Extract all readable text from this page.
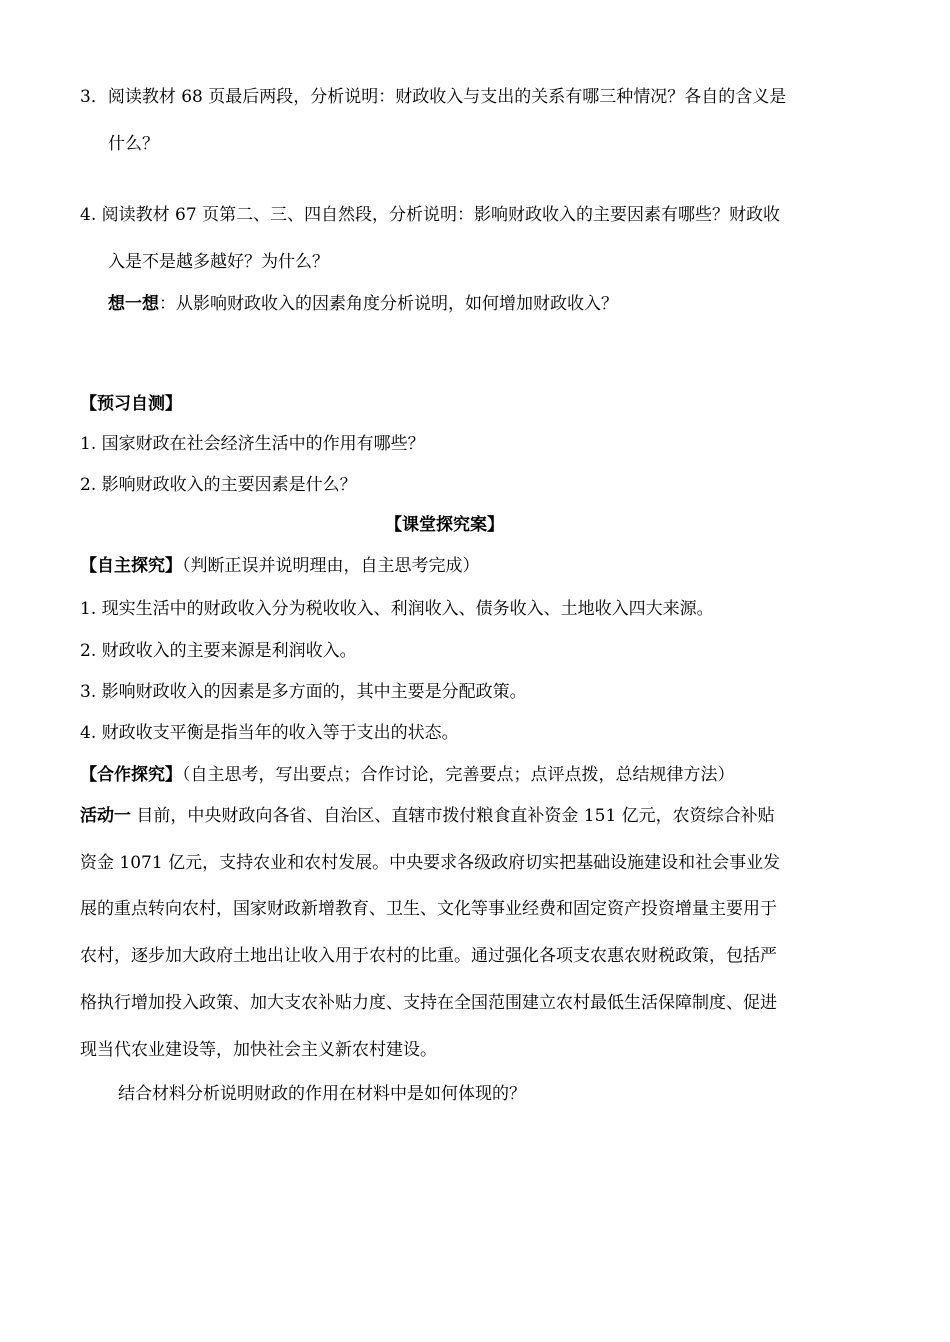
3．阅读教材 68 页最后两段，分析说明：财政收入与支出的关系有哪三种情况？各自的含义是
什么？
4. 阅读教材 67 页第二、三、四自然段，分析说明：影响财政收入的主要因素有哪些？财政收
入是不是越多越好？为什么？
想一想：从影响财政收入的因素角度分析说明，如何增加财政收入？
【预习自测】
1. 国家财政在社会经济生活中的作用有哪些？
2. 影响财政收入的主要因素是什么？
【课堂探究案】
【自主探究】（判断正误并说明理由，自主思考完成）
1. 现实生活中的财政收入分为税收收入、利润收入、债务收入、土地收入四大来源。
2. 财政收入的主要来源是利润收入。
3. 影响财政收入的因素是多方面的，其中主要是分配政策。
4. 财政收支平衡是指当年的收入等于支出的状态。
【合作探究】（自主思考，写出要点；合作讨论，完善要点；点评点拨，总结规律方法）
活动一 目前，中央财政向各省、自治区、直辖市拨付粮食直补资金 151 亿元，农资综合补贴
资金 1071 亿元，支持农业和农村发展。中央要求各级政府切实把基础设施建设和社会事业发
展的重点转向农村，国家财政新增教育、卫生、文化等事业经费和固定资产投资增量主要用于
农村，逐步加大政府土地出让收入用于农村的比重。通过强化各项支农惠农财税政策，包括严
格执行增加投入政策、加大支农补贴力度、支持在全国范围建立农村最低生活保障制度、促进
现当代农业建设等，加快社会主义新农村建设。
结合材料分析说明财政的作用在材料中是如何体现的？
